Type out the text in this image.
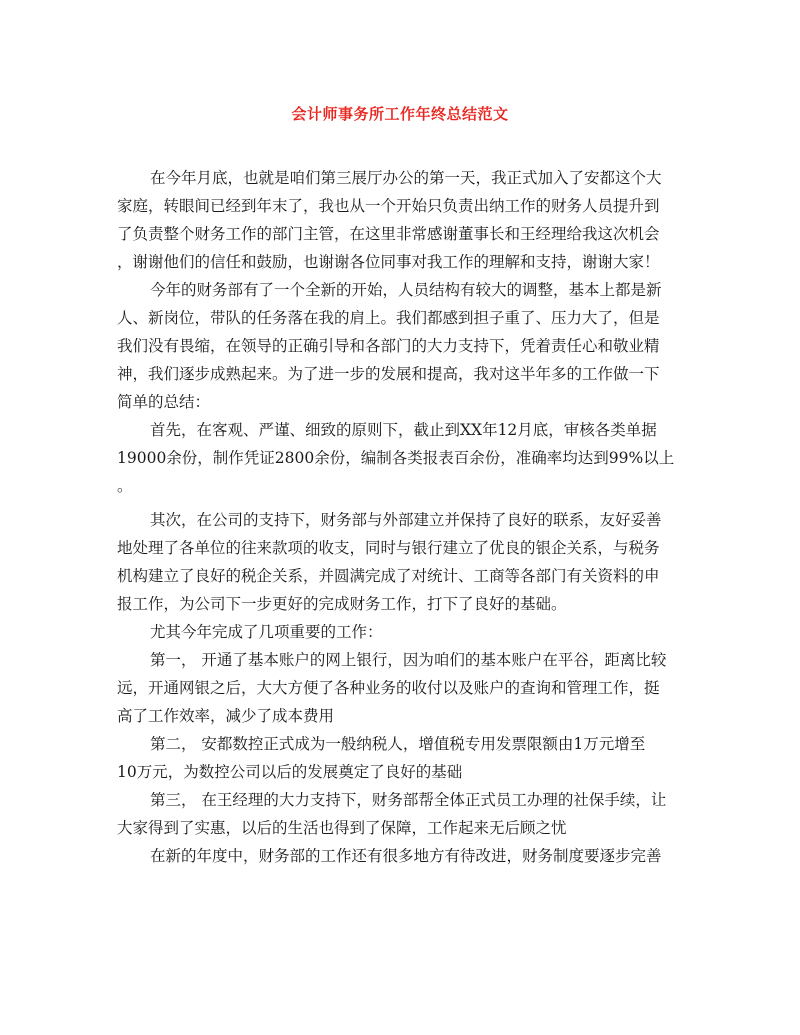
会计师事务所工作年终总结范文
在今年月底，也就是咱们第三展厅办公的第一天，我正式加入了安都这个大
家庭，转眼间已经到年末了，我也从一个开始只负责出纳工作的财务人员提升到
了负责整个财务工作的部门主管，在这里非常感谢董事长和王经理给我这次机会
，谢谢他们的信任和鼓励，也谢谢各位同事对我工作的理解和支持，谢谢大家！
今年的财务部有了一个全新的开始，人员结构有较大的调整，基本上都是新
人、新岗位，带队的任务落在我的肩上。我们都感到担子重了、压力大了，但是
我们没有畏缩，在领导的正确引导和各部门的大力支持下，凭着责任心和敬业精
神，我们逐步成熟起来。为了进一步的发展和提高，我对这半年多的工作做一下
简单的总结：
首先，在客观、严谨、细致的原则下，截止到XX年12月底，审核各类单据
19000余份，制作凭证2800余份，编制各类报表百余份，准确率均达到99%以上
。
其次，在公司的支持下，财务部与外部建立并保持了良好的联系，友好妥善
地处理了各单位的往来款项的收支，同时与银行建立了优良的银企关系，与税务
机构建立了良好的税企关系，并圆满完成了对统计、工商等各部门有关资料的申
报工作，为公司下一步更好的完成财务工作，打下了良好的基础。
尤其今年完成了几项重要的工作：
第一， 开通了基本账户的网上银行，因为咱们的基本账户在平谷，距离比较
远，开通网银之后，大大方便了各种业务的收付以及账户的查询和管理工作，挺
高了工作效率，减少了成本费用
第二， 安都数控正式成为一般纳税人，增值税专用发票限额由1万元增至
10万元，为数控公司以后的发展奠定了良好的基础
第三， 在王经理的大力支持下，财务部帮全体正式员工办理的社保手续，让
大家得到了实惠，以后的生活也得到了保障，工作起来无后顾之忧
在新的年度中，财务部的工作还有很多地方有待改进，财务制度要逐步完善
